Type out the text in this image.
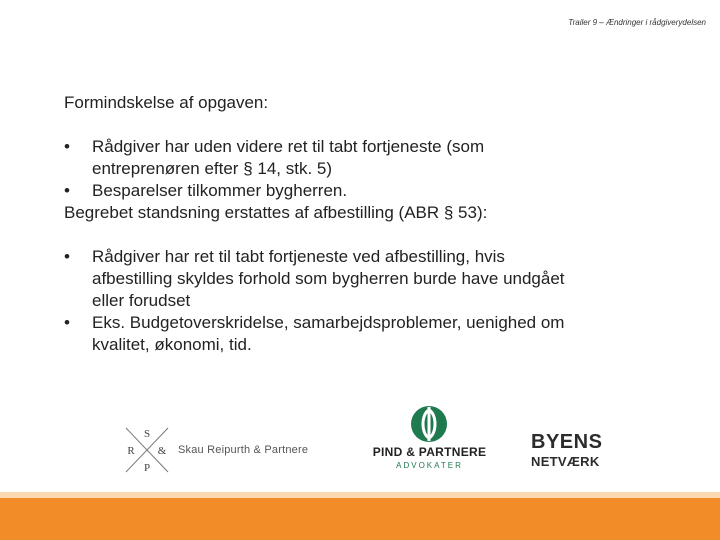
Trailer 9 – Ændringer i rådgiverydelsen

Formindskelse af opgaven:

• Rådgiver har uden videre ret til tabt fortjeneste (som
entreprenøren efter § 14, stk. 5)
• Besparelser tilkommer bygherren.

Begrebet standsning erstattes af afbestilling (ABR § 53):

• Rådgiver har ret til tabt fortjeneste ved afbestilling, hvis
afbestilling skyldes forhold som bygherren burde have undgået
eller forudset
• Eks. Budgetoverskridelse, samarbejdsproblemer, uenighed om
kvalitet, økonomi, tid.
S
R &
P
Skau Reipurth & Partnere	PIND & PARTNERE
ADVOKATER
BYENS
NETVÆRK
